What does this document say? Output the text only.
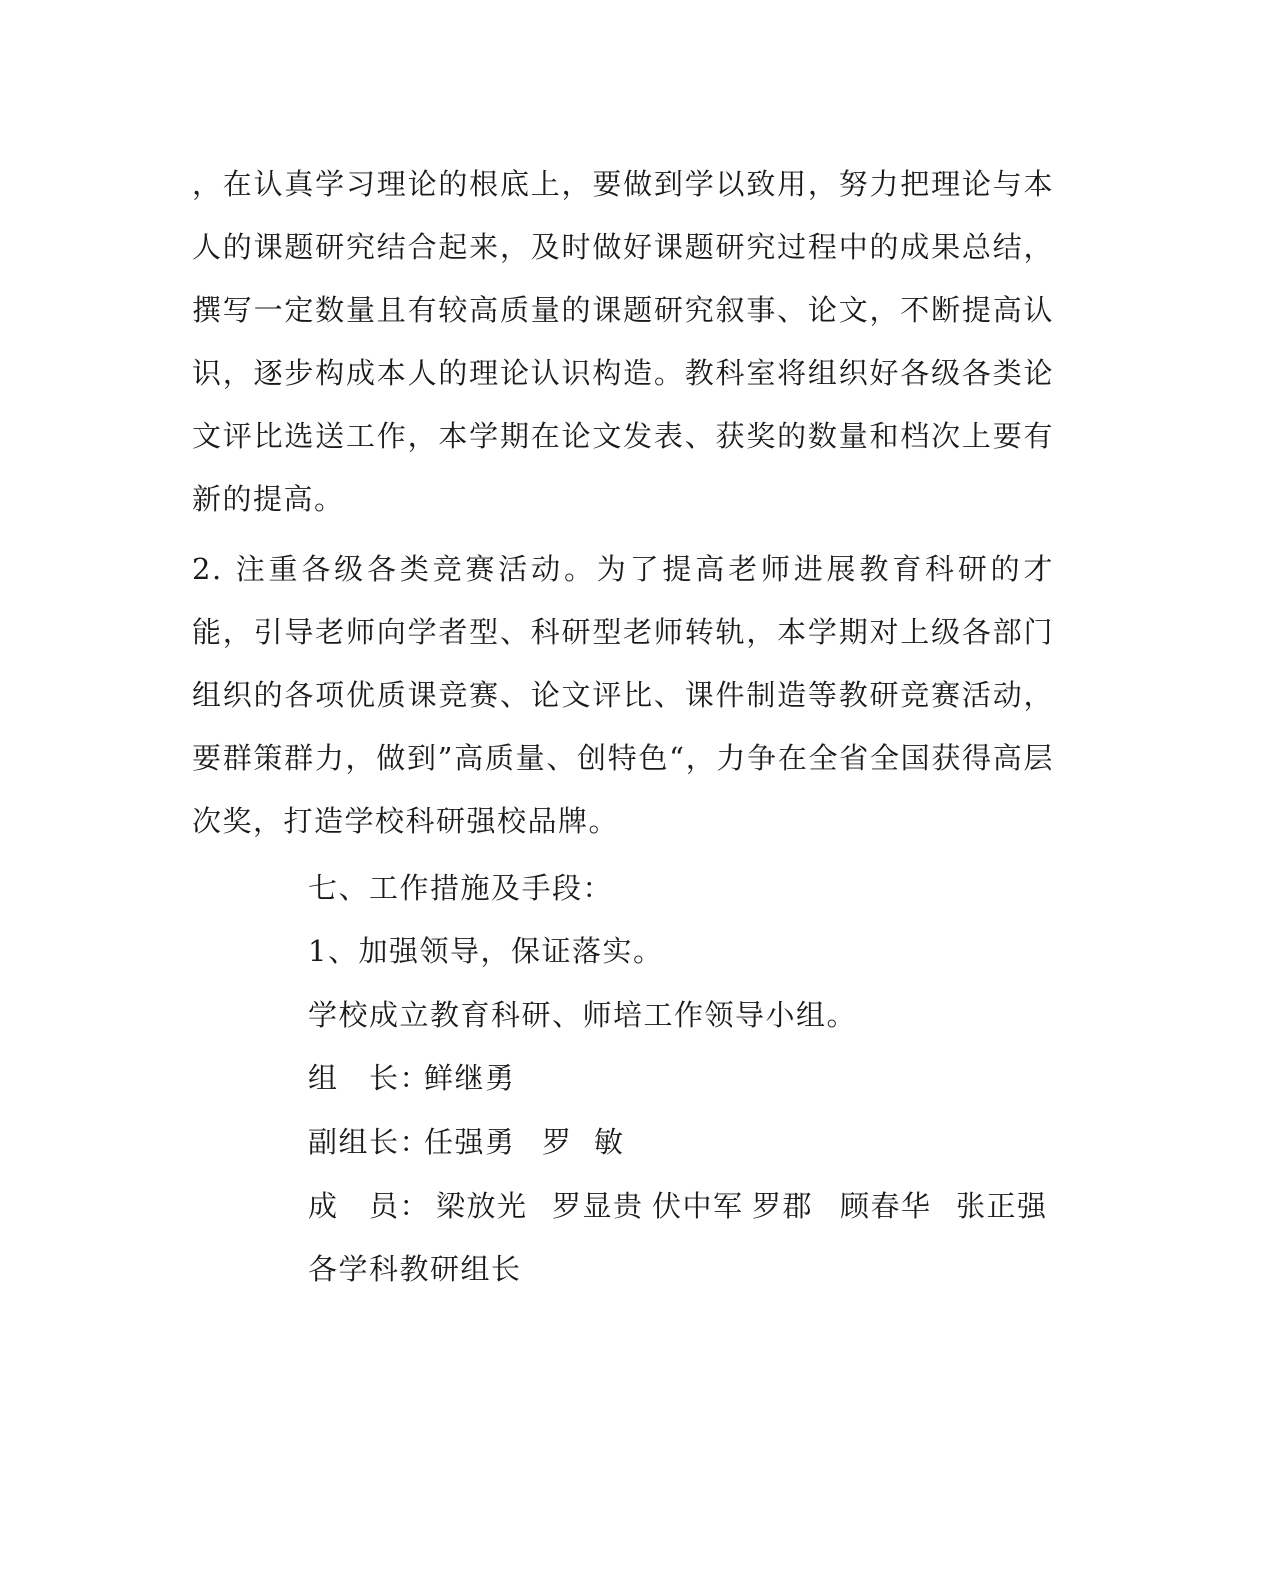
，在认真学习理论的根底上，要做到学以致用，努力把理论与本人的课题研究结合起来，及时做好课题研究过程中的成果总结，撰写一定数量且有较高质量的课题研究叙事、论文，不断提高认识，逐步构成本人的理论认识构造。教科室将组织好各级各类论文评比选送工作，本学期在论文发表、获奖的数量和档次上要有新的提高。

2. 注重各级各类竞赛活动。为了提高老师进展教育科研的才能，引导老师向学者型、科研型老师转轨，本学期对上级各部门组织的各项优质课竞赛、论文评比、课件制造等教研竞赛活动，要群策群力，做到”高质量、创特色“，力争在全省全国获得高层次奖，打造学校科研强校品牌。

七、工作措施及手段：

1、加强领导，保证落实。

学校成立教育科研、师培工作领导小组。

组　长：
鲜继勇
副组长：
任强勇 罗  敏
成　员： 梁放光 罗显贵 伏中军 罗郡 顾春华 张正强

各学科教研组长
